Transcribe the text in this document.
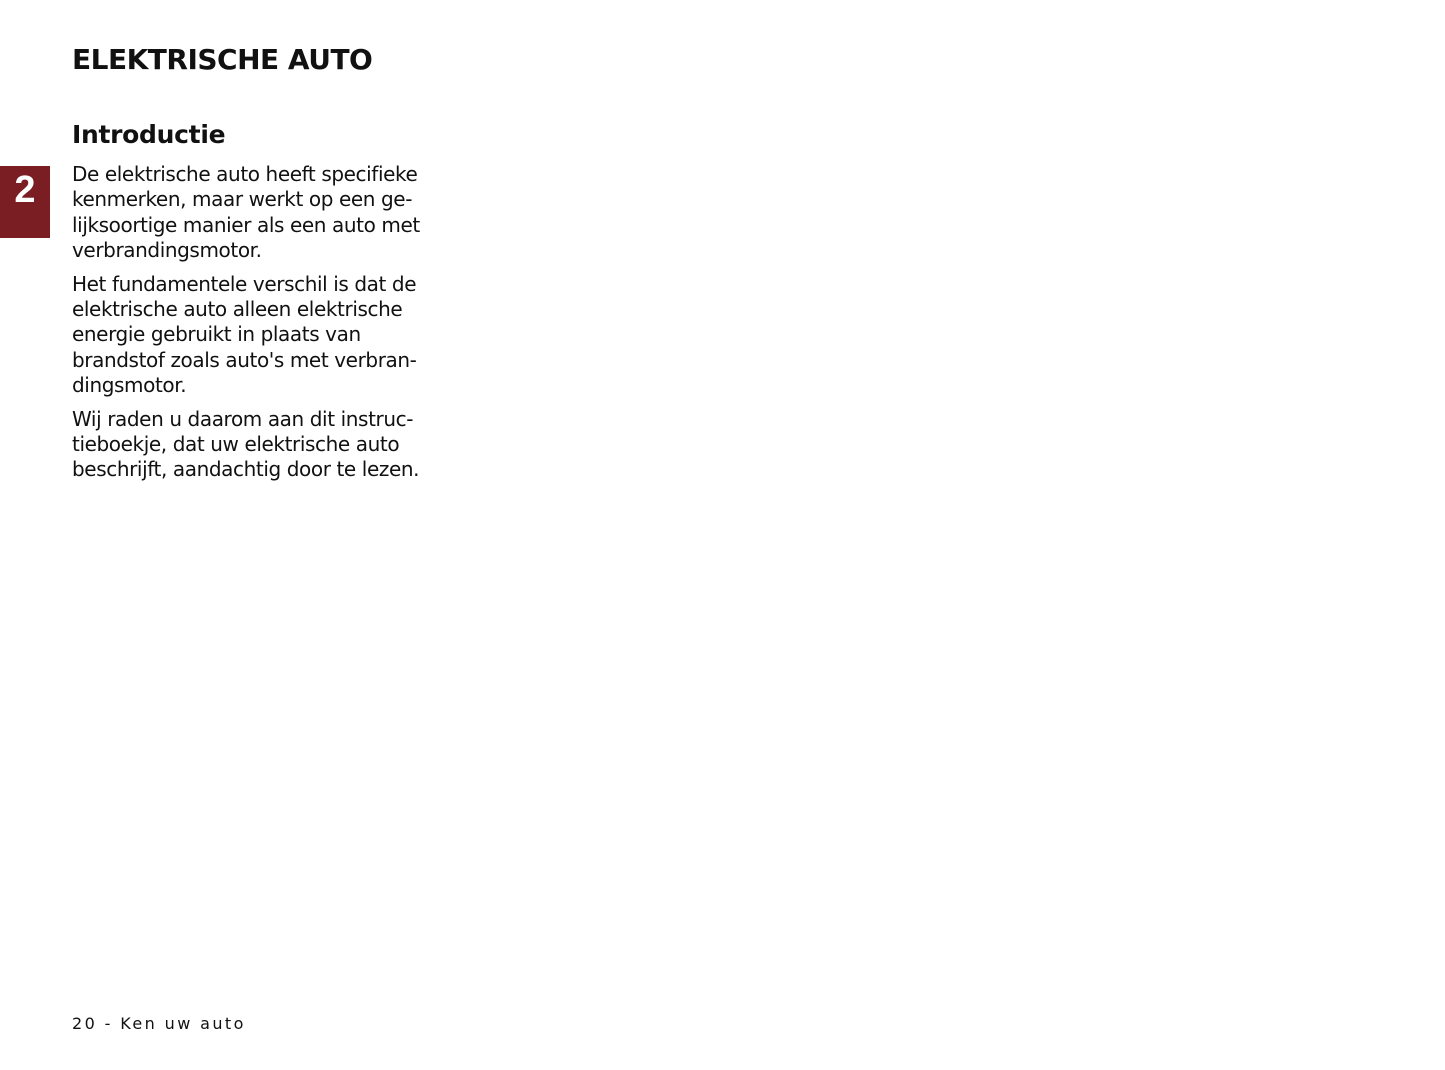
ELEKTRISCHE AUTO
2
Introductie

De elektrische auto heeft specifieke
kenmerken, maar werkt op een ge-
lijksoortige manier als een auto met
verbrandingsmotor.

Het fundamentele verschil is dat de
elektrische auto alleen elektrische
energie gebruikt in plaats van
brandstof zoals auto's met verbran-
dingsmotor.

Wij raden u daarom aan dit instruc-
tieboekje, dat uw elektrische auto
beschrijft, aandachtig door te lezen.

20 - Ken uw auto
